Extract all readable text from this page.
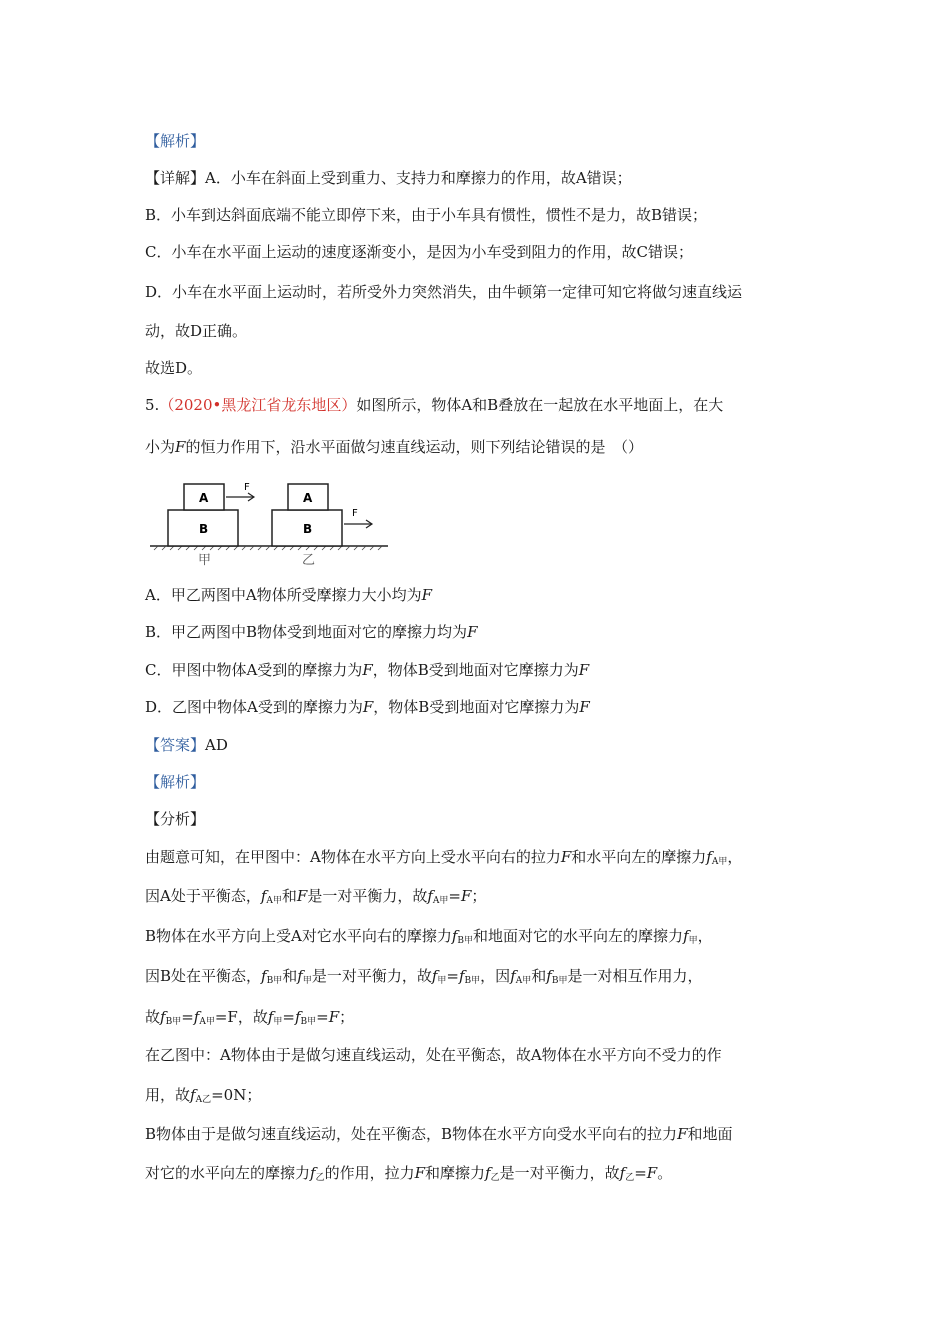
【解析】
【详解】A．小车在斜面上受到重力、支持力和摩擦力的作用，故A错误；
B．小车到达斜面底端不能立即停下来，由于小车具有惯性，惯性不是力，故B错误；
C．小车在水平面上运动的速度逐渐变小，是因为小车受到阻力的作用，故C错误；
D．小车在水平面上运动时，若所受外力突然消失，由牛顿第一定律可知它将做匀速直线运
动，故D正确。
故选D。
5.（2020•黑龙江省龙东地区）如图所示，物体A和B叠放在一起放在水平地面上，在大
小为F的恒力作用下，沿水平面做匀速直线运动，则下列结论错误的是　（）
A
B
F
甲
A
B
F
乙
A．甲乙两图中A物体所受摩擦力大小均为F
B．甲乙两图中B物体受到地面对它的摩擦力均为F
C．甲图中物体A受到的摩擦力为F，物体B受到地面对它摩擦力为F
D．乙图中物体A受到的摩擦力为F，物体B受到地面对它摩擦力为F
【答案】AD
【解析】
【分析】
由题意可知，在甲图中：A物体在水平方向上受水平向右的拉力F和水平向左的摩擦力$f_{A甲}$，
因A处于平衡态，$f_{A甲}$和F是一对平衡力，故$f_{A甲}=F$；
B物体在水平方向上受A对它水平向右的摩擦力$f_{B甲}$和地面对它的水平向左的摩擦力$f_甲$，
因B处在平衡态，$f_{B甲}$和$f_甲$是一对平衡力，故$f_甲=f_{B甲}$，因$f_{A甲}$和$f_{B甲}$是一对相互作用力，
故$f_{B甲}=f_{A甲}=F$，故$f_甲=f_{B甲}=F$；
在乙图中：A物体由于是做匀速直线运动，处在平衡态，故A物体在水平方向不受力的作
用，故$f_{A乙}=0N$；
B物体由于是做匀速直线运动，处在平衡态，B物体在水平方向受水平向右的拉力F和地面
对它的水平向左的摩擦力$f_乙$的作用，拉力F和摩擦力$f_乙$是一对平衡力，故$f_乙=F$。
